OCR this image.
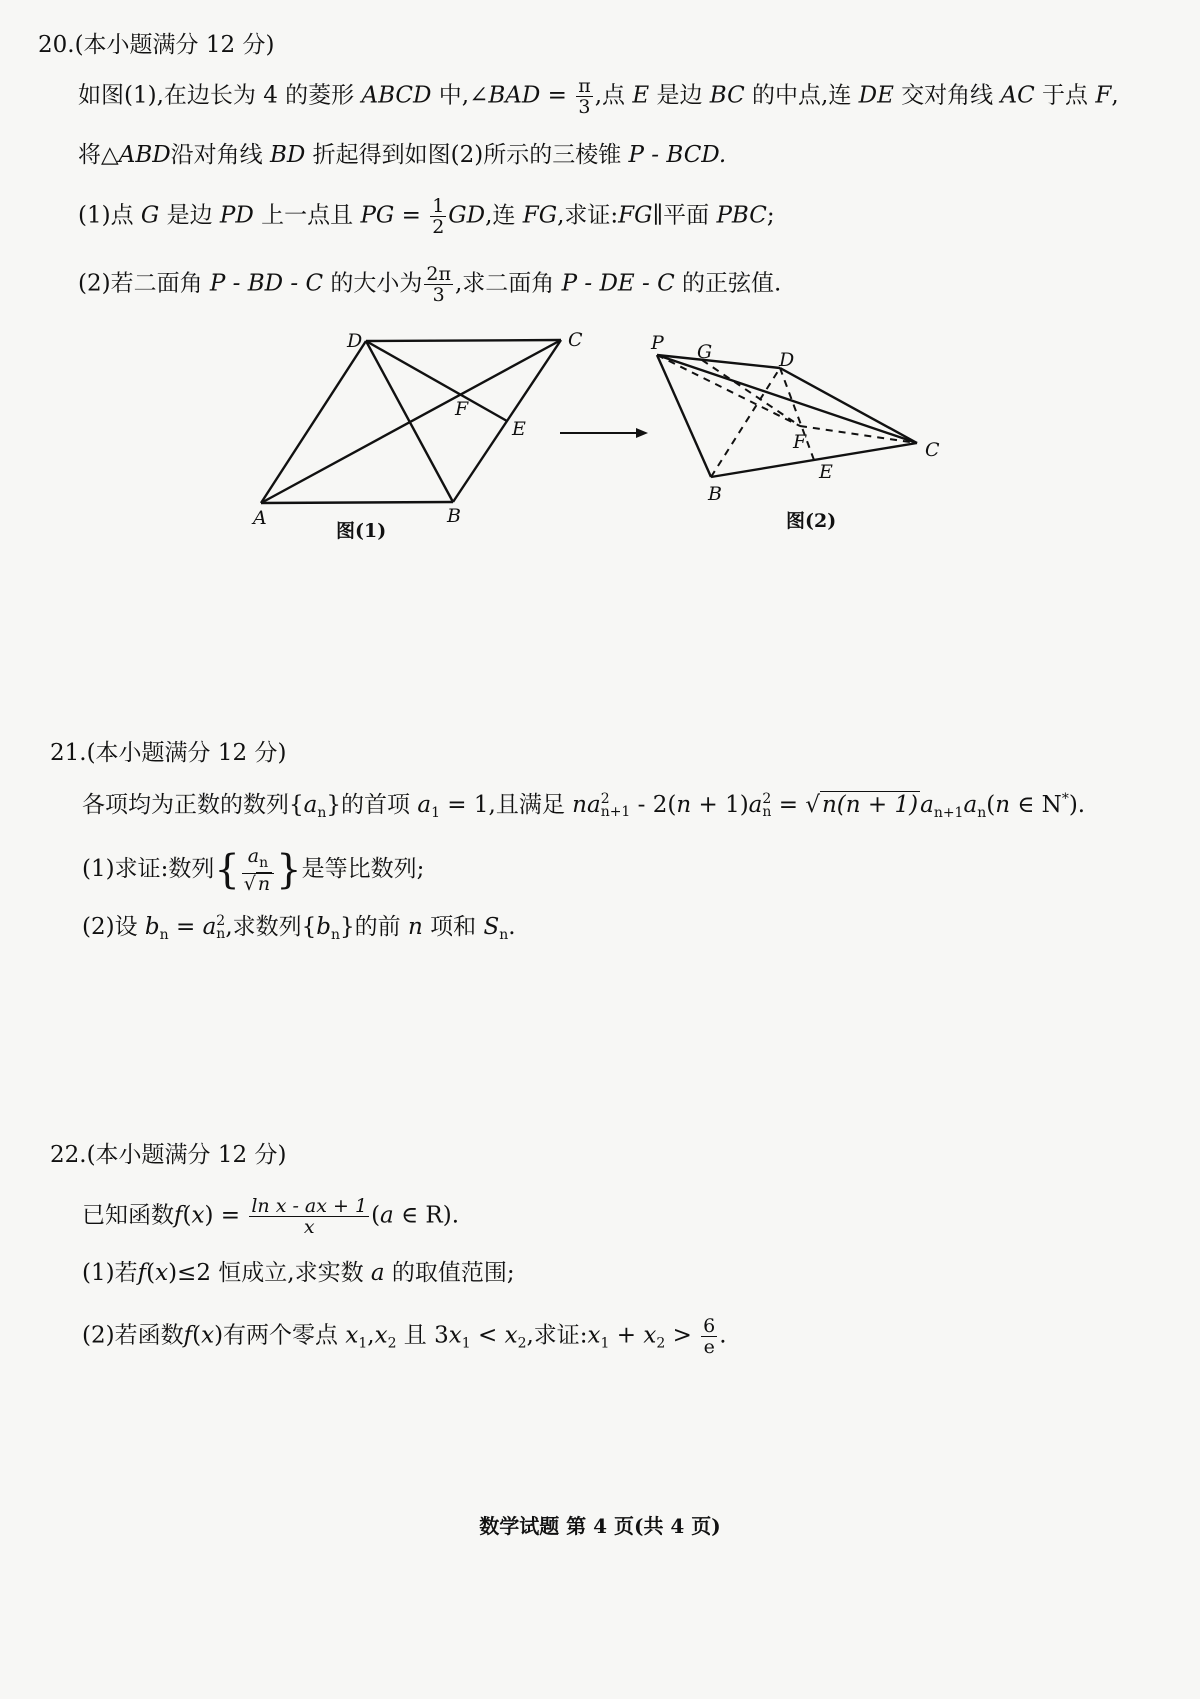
20.(本小题满分 12 分)
如图(1),在边长为 4 的菱形 ABCD 中,∠BAD = $\frac{\pi}{3}$ ,点 E 是边 BC 的中点,连 DE 交对角线 AC 于点 F,
将△ABD沿对角线 BD 折起得到如图(2)所示的三棱锥 P - BCD.
(1)点 G 是边 PD 上一点且 PG = $\frac{1}{2}$ GD,连 FG,求证:FG∥平面 PBC;
(2)若二面角 P - BD - C 的大小为 $\frac{2\pi}{3}$ ,求二面角 P - DE - C 的正弦值.
A	B
C
D
E
F
图(1)
P G	D
F
E
B
C
图(2)
21.(本小题满分 12 分)
各项均为正数的数列$\{a_n\}$的首项 $a_1 = 1$,且满足 na 2
n+1 - 2(n + 1)a 2
$n = √n(n + 1)a_{n+1}a_n(n$ ∈ N*).
(1)求证:数列{ $\frac{a_n}{√ n}$ }是等比数列;
(2)设 $b_n = a$ 2
n ,求数列$\{b_n\}$的前 n 项和 $S_n$.
22.(本小题满分 12 分)
已知函数$f(x) = \frac{\text{ln x - ax + 1}}{x} (a$ ∈ R).
(1)若f(x)≤2 恒成立,求实数 a 的取值范围;
(2)若函数f(x)有两个零点 $x_1,x_2$ 且 $3x_1 < x_2$,求证$:x_1 + x_2 > \frac{6}{e}$ .
数学试题 第 4 页(共 4 页)
